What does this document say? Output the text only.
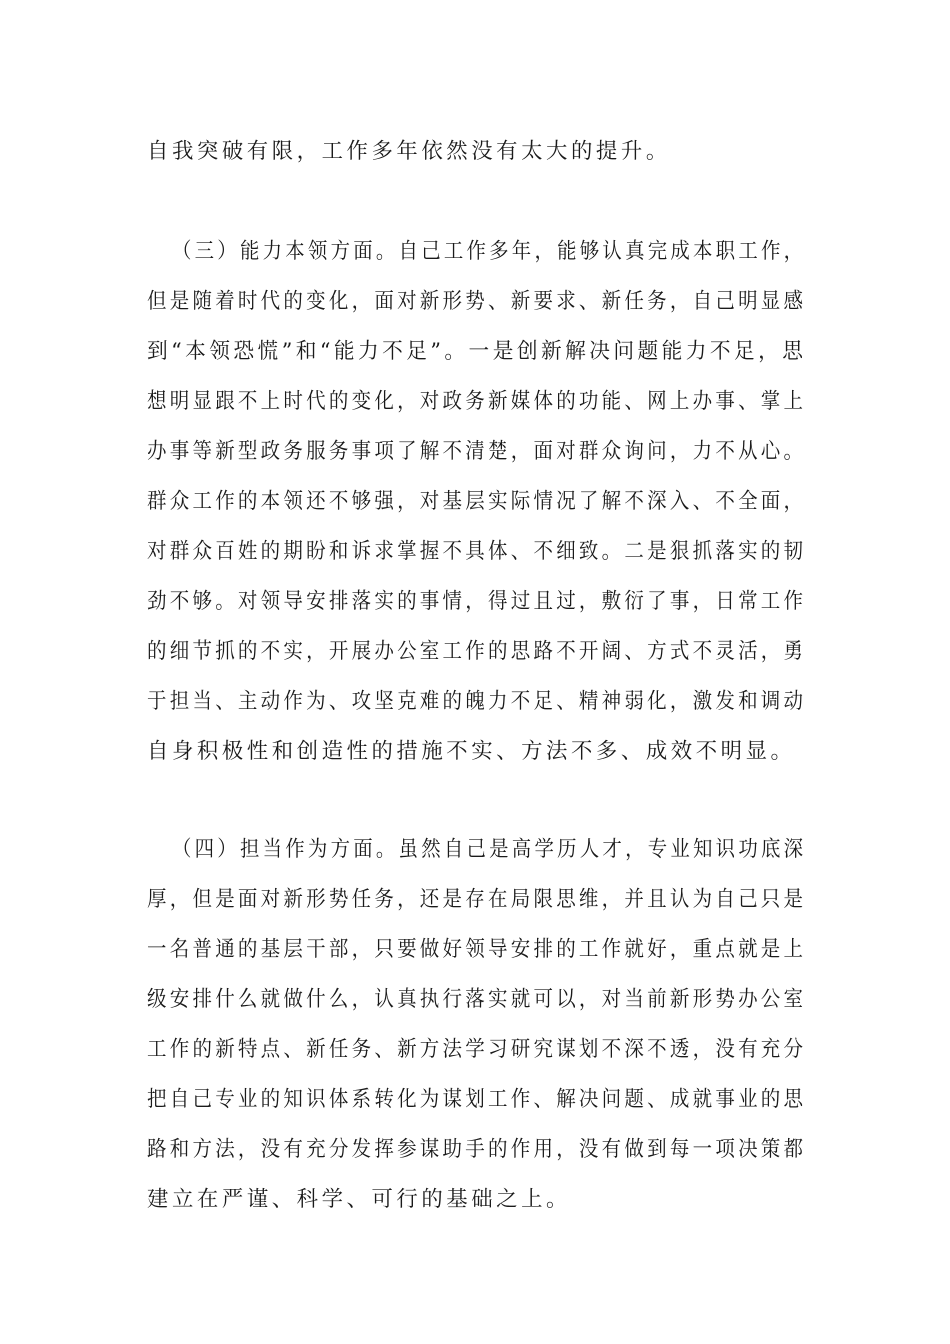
自我突破有限，工作多年依然没有太大的提升。
（三）能力本领方面。自己工作多年，能够认真完成本职工作，
但是随着时代的变化，面对新形势、新要求、新任务，自己明显感
到“本领恐慌”和“能力不足”。一是创新解决问题能力不足，思
想明显跟不上时代的变化，对政务新媒体的功能、网上办事、掌上
办事等新型政务服务事项了解不清楚，面对群众询问，力不从心。
群众工作的本领还不够强，对基层实际情况了解不深入、不全面，
对群众百姓的期盼和诉求掌握不具体、不细致。二是狠抓落实的韧
劲不够。对领导安排落实的事情，得过且过，敷衍了事，日常工作
的细节抓的不实，开展办公室工作的思路不开阔、方式不灵活，勇
于担当、主动作为、攻坚克难的魄力不足、精神弱化，激发和调动
自身积极性和创造性的措施不实、方法不多、成效不明显。
（四）担当作为方面。虽然自己是高学历人才，专业知识功底深
厚，但是面对新形势任务，还是存在局限思维，并且认为自己只是
一名普通的基层干部，只要做好领导安排的工作就好，重点就是上
级安排什么就做什么，认真执行落实就可以，对当前新形势办公室
工作的新特点、新任务、新方法学习研究谋划不深不透，没有充分
把自己专业的知识体系转化为谋划工作、解决问题、成就事业的思
路和方法，没有充分发挥参谋助手的作用，没有做到每一项决策都
建立在严谨、科学、可行的基础之上。
